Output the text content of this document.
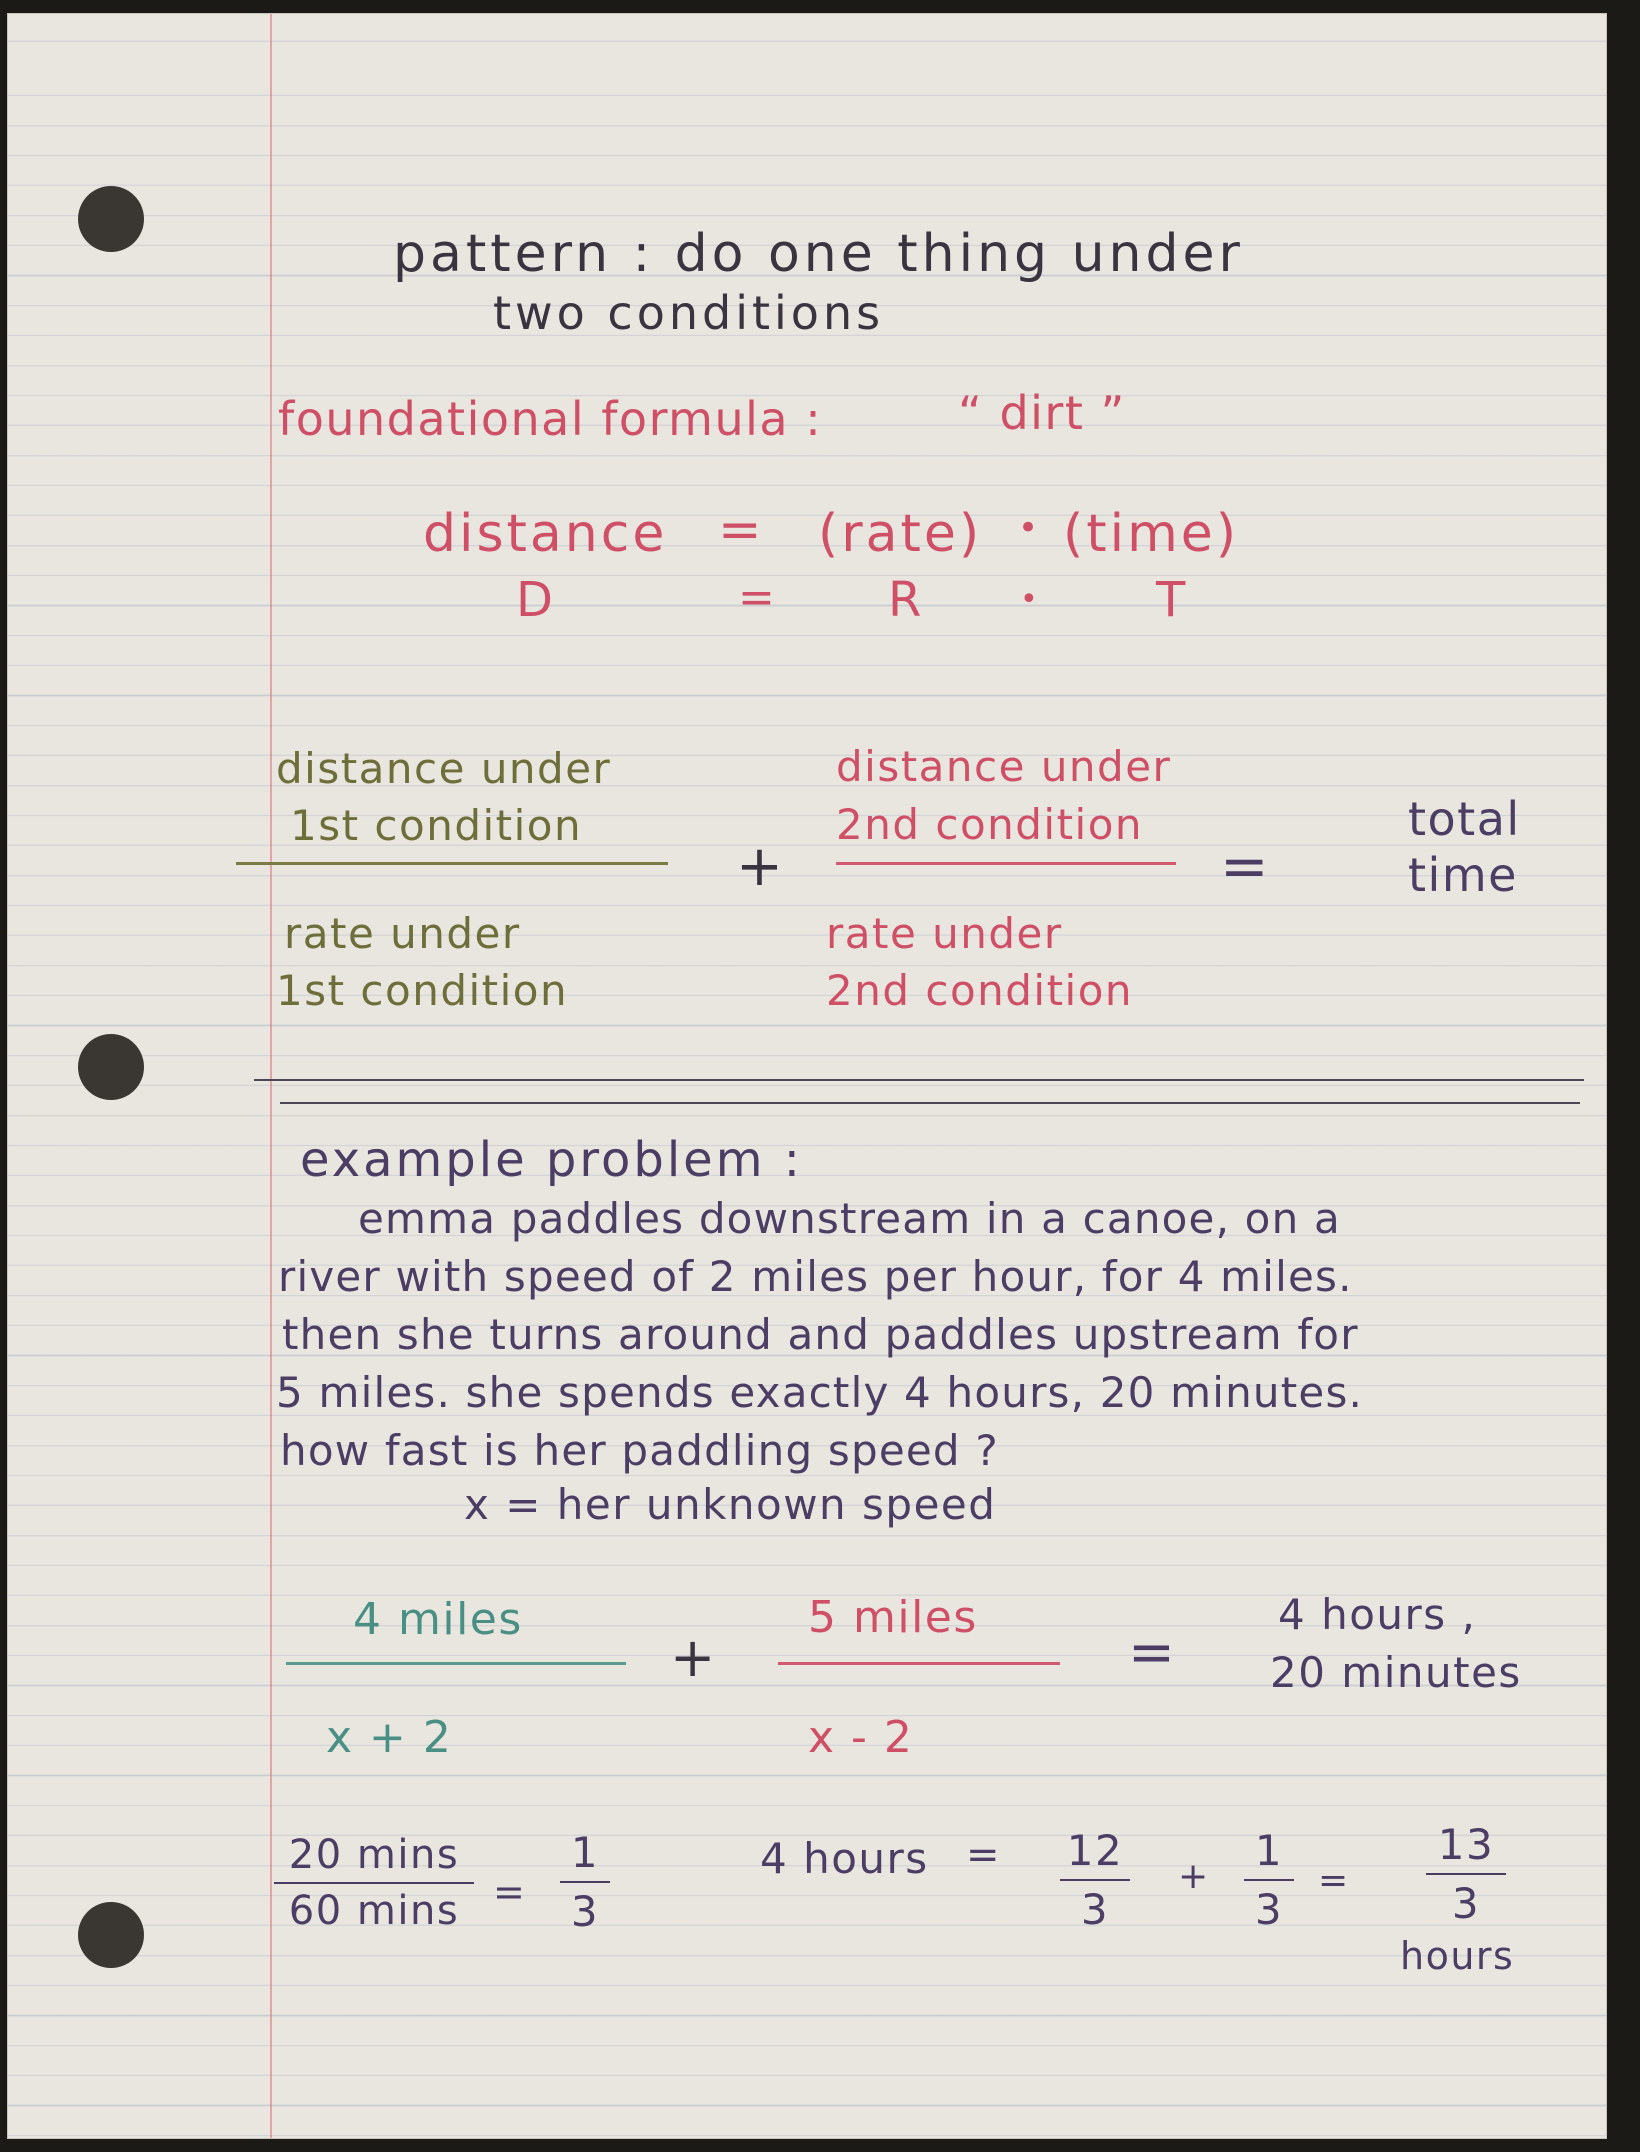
pattern : do one thing under
two conditions
foundational formula :	“ dirt ”
distance = (rate) • (time)
D	= R	• T
distance under
1st condition
rate under
1st condition
+
distance under
2nd condition
rate under
2nd condition
=
total
time
example problem :
emma paddles downstream in a canoe, on a
river with speed of 2 miles per hour, for 4 miles.
then she turns around and paddles upstream for
5 miles. she spends exactly 4 hours, 20 minutes.
how fast is her paddling speed ?
x = her unknown speed
4 miles
x + 2
+
5 miles
x - 2
=
4 hours ,
20 minutes
20 mins
60 mins =
1
3
4 hours = 12
3
+
1
3
=
13
3
hours
